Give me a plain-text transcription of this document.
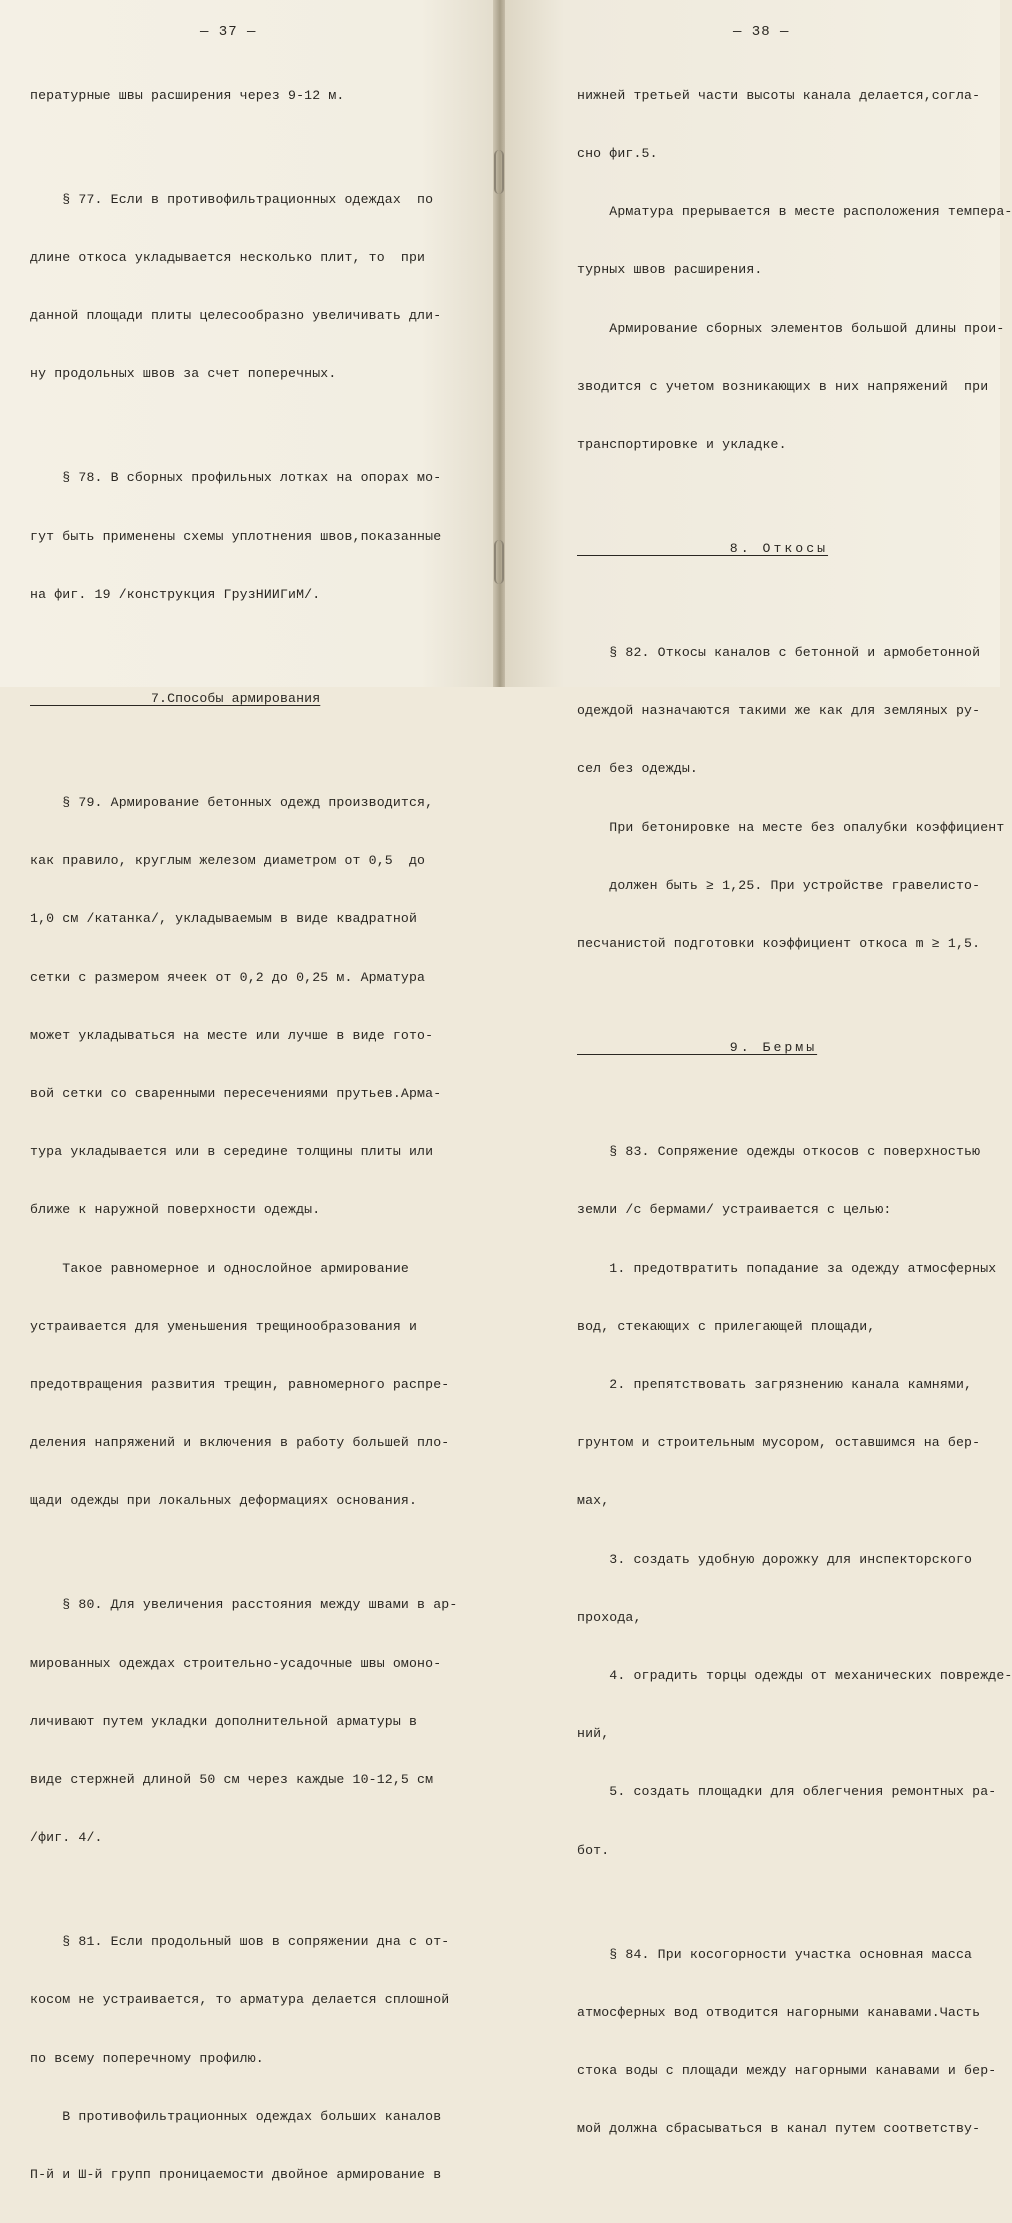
— 37 —

пературные швы расширения через 9-12 м.

§ 77. Если в противофильтрационных одеждах  по

длине откоса укладывается несколько плит, то  при

данной площади плиты целесообразно увеличивать дли-

ну продольных швов за счет поперечных.

§ 78. В сборных профильных лотках на опорах мо-

гут быть применены схемы уплотнения швов,показанные

на фиг. 19 /конструкция ГрузНИИГиМ/.

7.Способы армирования

§ 79. Армирование бетонных одежд производится,

как правило, круглым железом диаметром от 0,5  до

1,0 см /катанка/, укладываемым в виде квадратной

сетки с размером ячеек от 0,2 до 0,25 м. Арматура

может укладываться на месте или лучше в виде гото-

вой сетки со сваренными пересечениями прутьев.Арма-

тура укладывается или в середине толщины плиты или

ближе к наружной поверхности одежды.

Такое равномерное и однослойное армирование

устраивается для уменьшения трещинообразования и

предотвращения развития трещин, равномерного распре-

деления напряжений и включения в работу большей пло-

щади одежды при локальных деформациях основания.

§ 80. Для увеличения расстояния между швами в ар-

мированных одеждах строительно-усадочные швы омоно-

личивают путем укладки дополнительной арматуры в

виде стержней длиной 50 см через каждые 10-12,5 см

/фиг. 4/.

§ 81. Если продольный шов в сопряжении дна с от-

косом не устраивается, то арматура делается сплошной

по всему поперечному профилю.

В противофильтрационных одеждах больших каналов

П-й и Ш-й групп проницаемости двойное армирование в

— 38 —

нижней третьей части высоты канала делается,согла-

сно фиг.5.

Арматура прерывается в месте расположения темпера-

турных швов расширения.

Армирование сборных элементов большой длины прои-

зводится с учетом возникающих в них напряжений  при

транспортировке и укладке.

8. Откосы

§ 82. Откосы каналов с бетонной и армобетонной

одеждой назначаются такими же как для земляных ру-

сел без одежды.

При бетонировке на месте без опалубки коэффициент

должен быть ≥ 1,25. При устройстве гравелисто-

песчанистой подготовки коэффициент откоса m ≥ 1,5.

9. Бермы

§ 83. Сопряжение одежды откосов с поверхностью

земли /с бермами/ устраивается с целью:

1. предотвратить попадание за одежду атмосферных

вод, стекающих с прилегающей площади,

2. препятствовать загрязнению канала камнями,

грунтом и строительным мусором, оставшимся на бер-

мах,

3. создать удобную дорожку для инспекторского

прохода,

4. оградить торцы одежды от механических поврежде-

ний,

5. создать площадки для облегчения ремонтных ра-

бот.

§ 84. При косогорности участка основная масса

атмосферных вод отводится нагорными канавами.Часть

стока воды с площади между нагорными канавами и бер-

мой должна сбрасываться в канал путем соответству-
